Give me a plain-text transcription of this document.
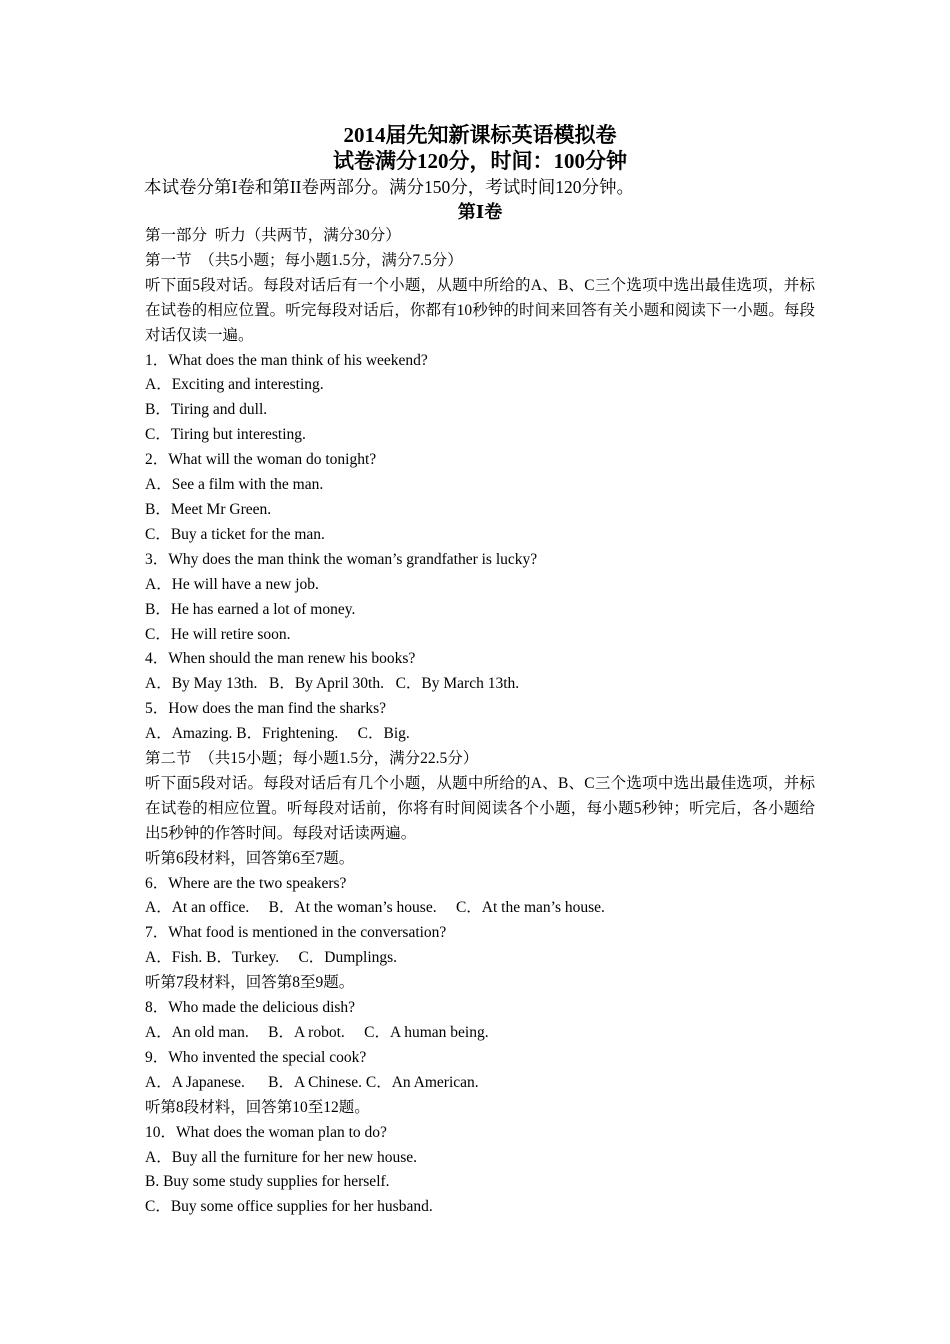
2014届先知新课标英语模拟卷

试卷满分120分，时间：100分钟

本试卷分第I卷和第II卷两部分。满分150分，考试时间120分钟。

第Ⅰ卷

第一部分  听力（共两节，满分30分）

第一节  （共5小题；每小题1.5分，满分7.5分）

听下面5段对话。每段对话后有一个小题，从题中所给的A、B、C三个选项中选出最佳选项，并标在试卷的相应位置。听完每段对话后，你都有10秒钟的时间来回答有关小题和阅读下一小题。每段对话仅读一遍。

1．What does the man think of his weekend?

A．Exciting and interesting.

B．Tiring and dull.

C．Tiring but interesting.

2．What will the woman do tonight?

A．See a film with the man.

B．Meet Mr Green.

C．Buy a ticket for the man.

3．Why does the man think the woman’s grandfather is lucky?

A．He will have a new job.

B．He has earned a lot of money.

C．He will retire soon.

4．When should the man renew his books?

A．By May 13th.   B．By April 30th.   C．By March 13th.

5．How does the man find the sharks?

A．Amazing. B．Frightening.     C．Big.

第二节  （共15小题；每小题1.5分，满分22.5分）

听下面5段对话。每段对话后有几个小题，从题中所给的A、B、C三个选项中选出最佳选项，并标在试卷的相应位置。听每段对话前，你将有时间阅读各个小题，每小题5秒钟；听完后，各小题给出5秒钟的作答时间。每段对话读两遍。

听第6段材料，回答第6至7题。

6．Where are the two speakers?

A．At an office.     B．At the woman’s house.     C．At the man’s house.

7．What food is mentioned in the conversation?

A．Fish. B．Turkey.     C．Dumplings.

听第7段材料，回答第8至9题。

8．Who made the delicious dish?

A．An old man.     B．A robot.     C．A human being.

9．Who invented the special cook?

A．A Japanese.      B．A Chinese. C．An American.

听第8段材料，回答第10至12题。

10．What does the woman plan to do?

A．Buy all the furniture for her new house.

B. Buy some study supplies for herself.

C．Buy some office supplies for her husband.
